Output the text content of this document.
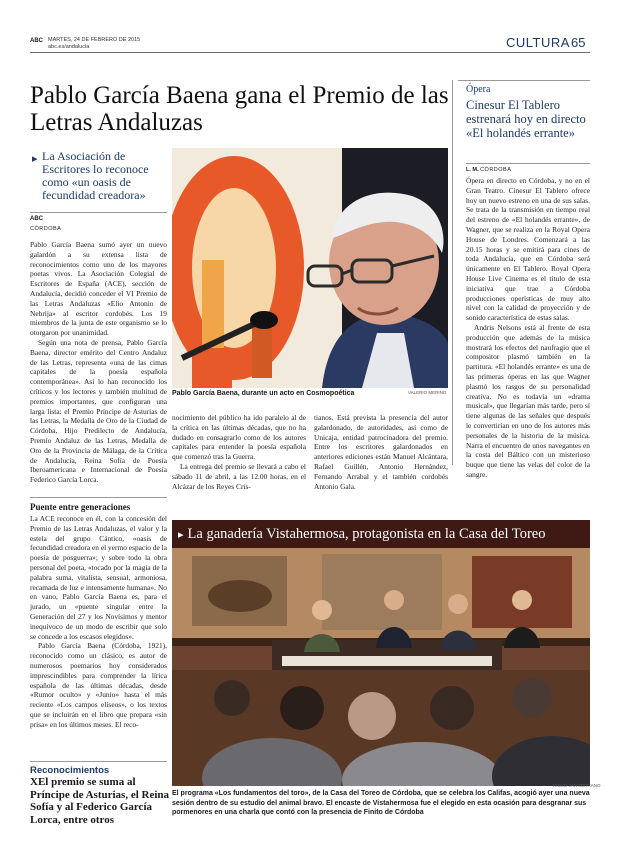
ABC MARTES, 24 DE FEBRERO DE 2015
abc.es/andalucia	CULTURA 65
Pablo García Baena gana el Premio de las Letras Andaluzas
▸ La Asociación de Escritores lo reconoce como «un oasis de fecundidad creadora»
ABC
CÓRDOBA

Pablo García Baena sumó ayer un nuevo galardón a su extensa lista de reconocimientos como uno de los mayores poetas vivos. La Asociación Colegial de Escritores de España (ACE), sección de Andalucía, decidió conceder el VI Premio de las Letras Andaluzas «Elio Antonio de Nebrija» al escritor cordobés. Los 19 miembros de la junta de este organismo se lo otorgaron por unanimidad.

Según una nota de prensa, Pablo García Baena, director emérito del Centro Andaluz de las Letras, representa «una de las cimas capitales de la poesía española contemporánea». Así lo han reconocido los críticos y los lectores y también multitud de premios importantes, que configuran una larga lista: el Premio Príncipe de Asturias de las Letras, la Medalla de Oro de la Ciudad de Córdoba, Hijo Predilecto de Andalucía, Premio Andaluz de las Letras, Medalla de Oro de la Provincia de Málaga, de la Crítica de Andalucía, Reina Sofía de Poesía Iberoamericana e Internacional de Poesía Federico García Lorca.

Puente entre generaciones

La ACE reconoce en él, con la concesión del Premio de las Letras Andaluzas, el valor y la estela del grupo Cántico, «oasis de fecundidad creadora en el yermo espacio de la poesía de posguerra»; y sobre todo la obra personal del poeta, «tocado por la magia de la palabra suma, vitalista, sensual, armoniosa, recamada de luz e intensamente humana». No en vano, Pablo García Baena es, para el jurado, un «puente singular entre la Generación del 27 y los Novísimos y mentor inequívoco de un modo de escribir que solo se concede a los escasos elegidos».

Pablo García Baena (Córdoba, 1921), reconocido como un clásico, es autor de numerosos poemarios hoy considerados imprescindibles para comprender la lírica española de las últimas décadas, desde «Rumor oculto» y «Junio» hasta el más reciente «Los campos elíseos», o los textos que se incluirán en el libro que prepara «sin prisa» en los últimos meses. El reco-

Pablo García Baena, durante un acto en Cosmopoética	VALERIO MERINO

nocimiento del público ha ido paralelo al de la crítica en las últimas décadas, que no ha dudado en consagrarlo como de los autores capitales para entender la poesía española que comenzó tras la Guerra.

La entrega del premio se llevará a cabo el sábado 11 de abril, a las 12.00 horas, en el Alcázar de los Reyes Cris-

tianos. Está prevista la presencia del autor galardonado, de autoridades, así como de Unicaja, entidad patrocinadora del premio. Entre los escritores galardonados en anteriores ediciones están Manuel Alcántara, Rafael Guillén, Antonio Hernández, Fernando Arrabal y el también cordobés Antonio Gala.

Ópera
Cinesur El Tablero estrenará hoy en directo «El holandés errante»
L. M. CÓRDOBA

Ópera en directo en Córdoba, y no en el Gran Teatro. Cinesur El Tablero ofrece hoy un nuevo estreno en una de sus salas. Se trata de la transmisión en tiempo real del estreno de «El holandés errante», de Wagner, que se realiza en la Royal Opera House de Londres. Comenzará a las 20.15 horas y se emitirá para cines de toda Andalucía, que en Córdoba será únicamente en El Tablero. Royal Opera House Live Cinema es el título de esta iniciativa que trae a Córdoba producciones operísticas de muy alto nivel con la calidad de proyección y de sonido característica de estas salas.

Andris Nelsons está al frente de esta producción que además de la música mostrará los efectos del naufragio que el compositor plasmó también en la partitura. «El holandés errante» es una de las primeras óperas en las que Wagner plasmó los rasgos de su personalidad creativa. No es todavía un «drama musical», que llegarían más tarde, pero sí tiene algunas de las señales que después le convertirían en uno de los autores más personales de la historia de la música. Narra el encuentro de unos navegantes en la costa del Báltico con un misterioso buque que tiene las velas del color de la sangre.

▸ La ganadería Vistahermosa, protagonista en la Casa del Toreo
RISCO JAN SERRANO
El programa «Los fundamentos del toro», de la Casa del Toreo de Córdoba, que se celebra los Califas, acogió ayer una nueva sesión dentro de su estudio del animal bravo. El encaste de Vistahermosa fue el elegido en esta ocasión para desgranar sus pormenores en una charla que contó con la presencia de Finito de Córdoba
Reconocimientos
XEl premio se suma al Príncipe de Asturias, el Reina Sofía y al Federico García Lorca, entre otros
